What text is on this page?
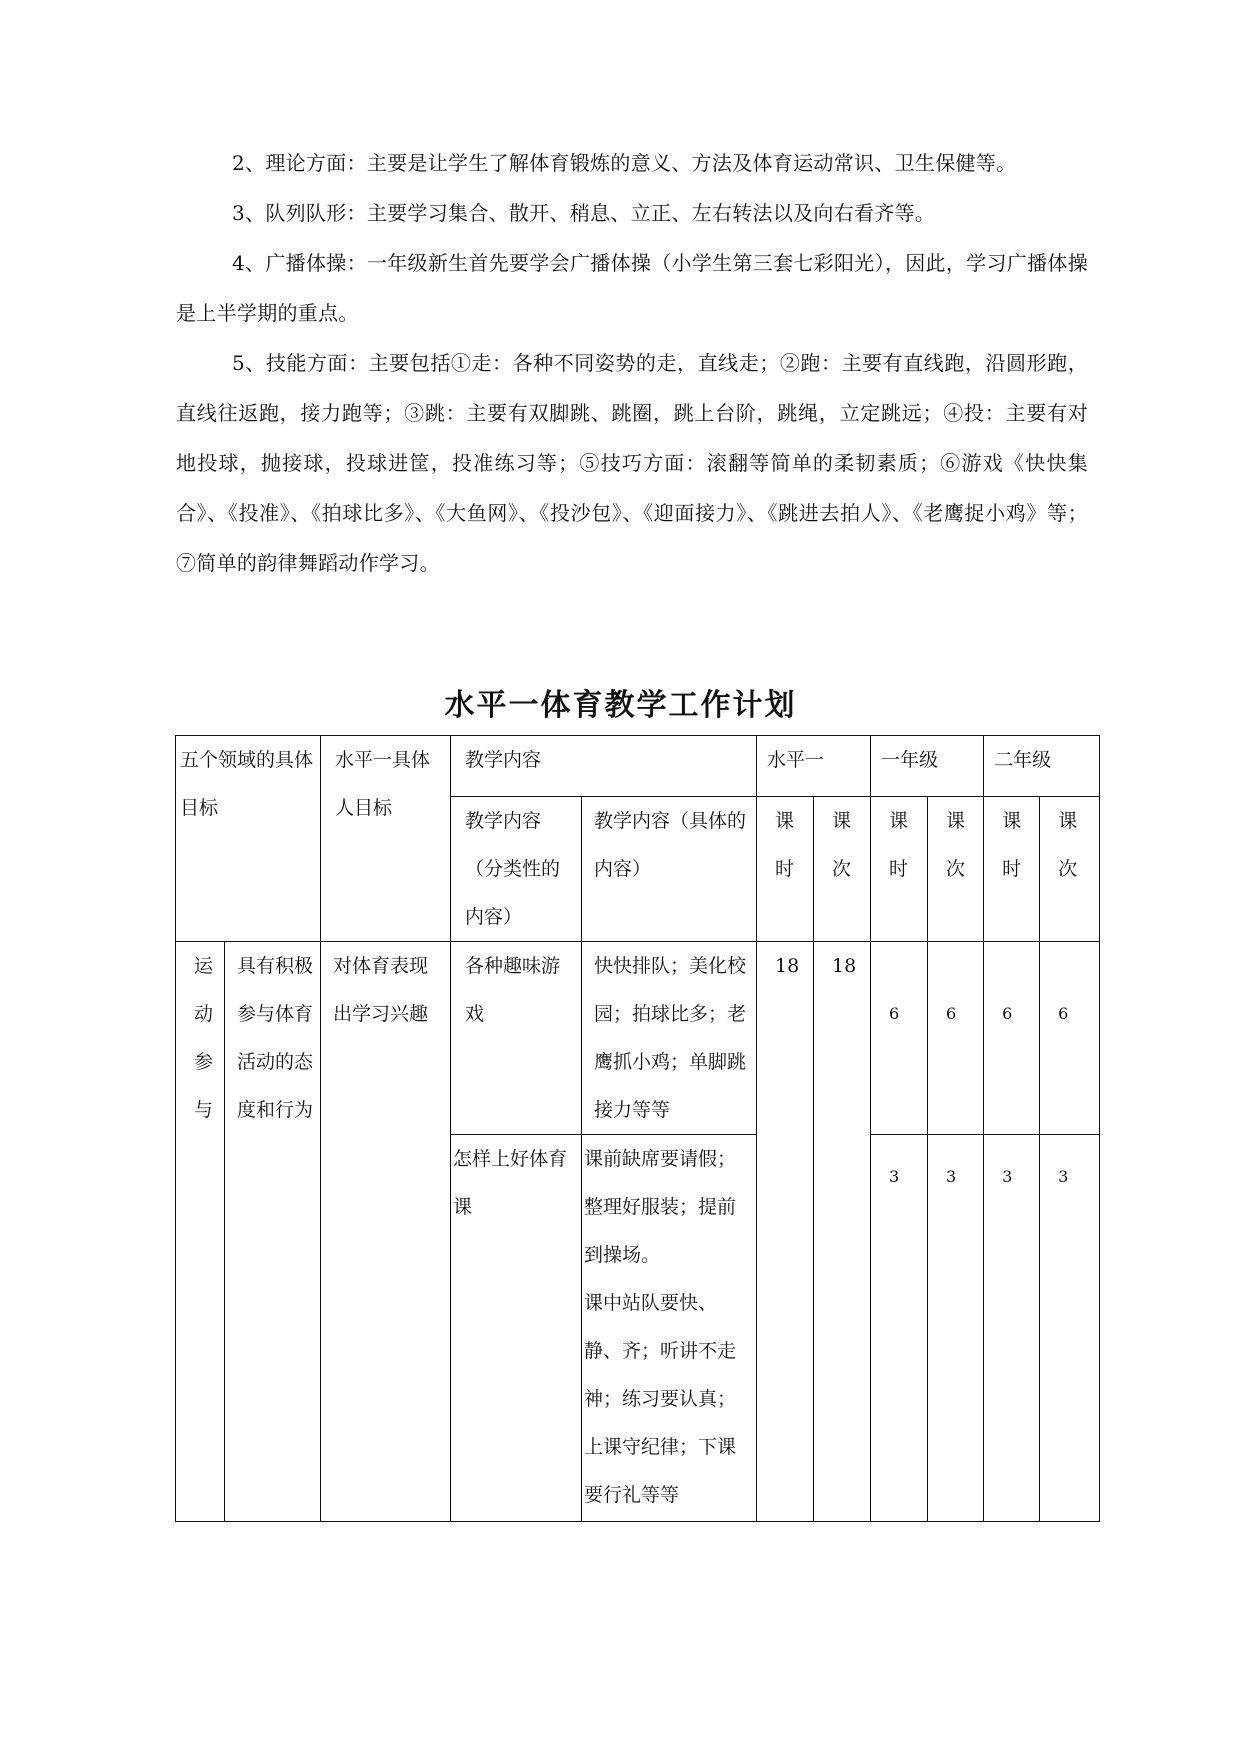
2、理论方面：主要是让学生了解体育锻炼的意义、方法及体育运动常识、卫生保健等。

3、队列队形：主要学习集合、散开、稍息、立正、左右转法以及向右看齐等。

4、广播体操：一年级新生首先要学会广播体操（小学生第三套七彩阳光），因此，学习广播体操是上半学期的重点。

5、技能方面：主要包括①走：各种不同姿势的走，直线走；②跑：主要有直线跑，沿圆形跑，直线往返跑，接力跑等；③跳：主要有双脚跳、跳圈，跳上台阶，跳绳，立定跳远；④投：主要有对地投球，抛接球，投球进筐，投准练习等；⑤技巧方面：滚翻等简单的柔韧素质；⑥游戏《快快集合》、《投准》、《拍球比多》、《大鱼网》、《投沙包》、《迎面接力》、《跳进去拍人》、《老鹰捉小鸡》等；⑦简单的韵律舞蹈动作学习。

水平一体育教学工作计划
五个领域的具体目标		水平一具体人目标	教学内容		水平一		一年级		二年级	
			教学内容（分类性的内容）	教学内容（具体的内容）	课时	课次	课时	课次	课时	课次
运动参与	具有积极参与体育活动的态度和行为	对体育表现出学习兴趣	各种趣味游戏	快快排队；美化校园；拍球比多；老鹰抓小鸡；单脚跳接力等等	18	18	6	6	6	6
			怎样上好体育课	课前缺席要请假；整理好服装；提前到操场。
课中站队要快、静、齐；听讲不走神；练习要认真；上课守纪律；下课要行礼等等			3	3	3	3
